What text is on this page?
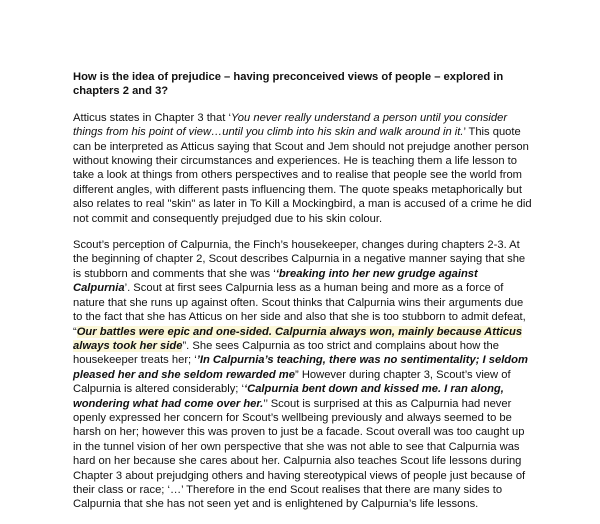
How is the idea of prejudice – having preconceived views of people – explored in chapters 2 and 3?

Atticus states in Chapter 3 that ‘You never really understand a person until you consider things from his point of view…until you climb into his skin and walk around in it.’ This quote can be interpreted as Atticus saying that Scout and Jem should not prejudge another person without knowing their circumstances and experiences. He is teaching them a life lesson to take a look at things from others perspectives and to realise that people see the world from different angles, with different pasts influencing them. The quote speaks metaphorically but also relates to real "skin" as later in To Kill a Mockingbird, a man is accused of a crime he did not commit and consequently prejudged due to his skin colour.

Scout’s perception of Calpurnia, the Finch’s housekeeper, changes during chapters 2-3. At the beginning of chapter 2, Scout describes Calpurnia in a negative manner saying that she is stubborn and comments that she was ‘‘breaking into her new grudge against Calpurnia’. Scout at first sees Calpurnia less as a human being and more as a force of nature that she runs up against often. Scout thinks that Calpurnia wins their arguments due to the fact that she has Atticus on her side and also that she is too stubborn to admit defeat, “Our battles were epic and one-sided. Calpurnia always won, mainly because Atticus always took her side”. She sees Calpurnia as too strict and complains about how the housekeeper treats her; ‘’In Calpurnia’s teaching, there was no sentimentality; I seldom pleased her and she seldom rewarded me” However during chapter 3, Scout’s view of Calpurnia is altered considerably; ‘‘Calpurnia bent down and kissed me. I ran along, wondering what had come over her.’’ Scout is surprised at this as Calpurnia had never openly expressed her concern for Scout’s wellbeing previously and always seemed to be harsh on her; however this was proven to just be a facade. Scout overall was too caught up in the tunnel vision of her own perspective that she was not able to see that Calpurnia was hard on her because she cares about her. Calpurnia also teaches Scout life lessons during Chapter 3 about prejudging others and having stereotypical views of people just because of their class or race; ‘…’ Therefore in the end Scout realises that there are many sides to Calpurnia that she has not seen yet and is enlightened by Calpurnia’s life lessons.
